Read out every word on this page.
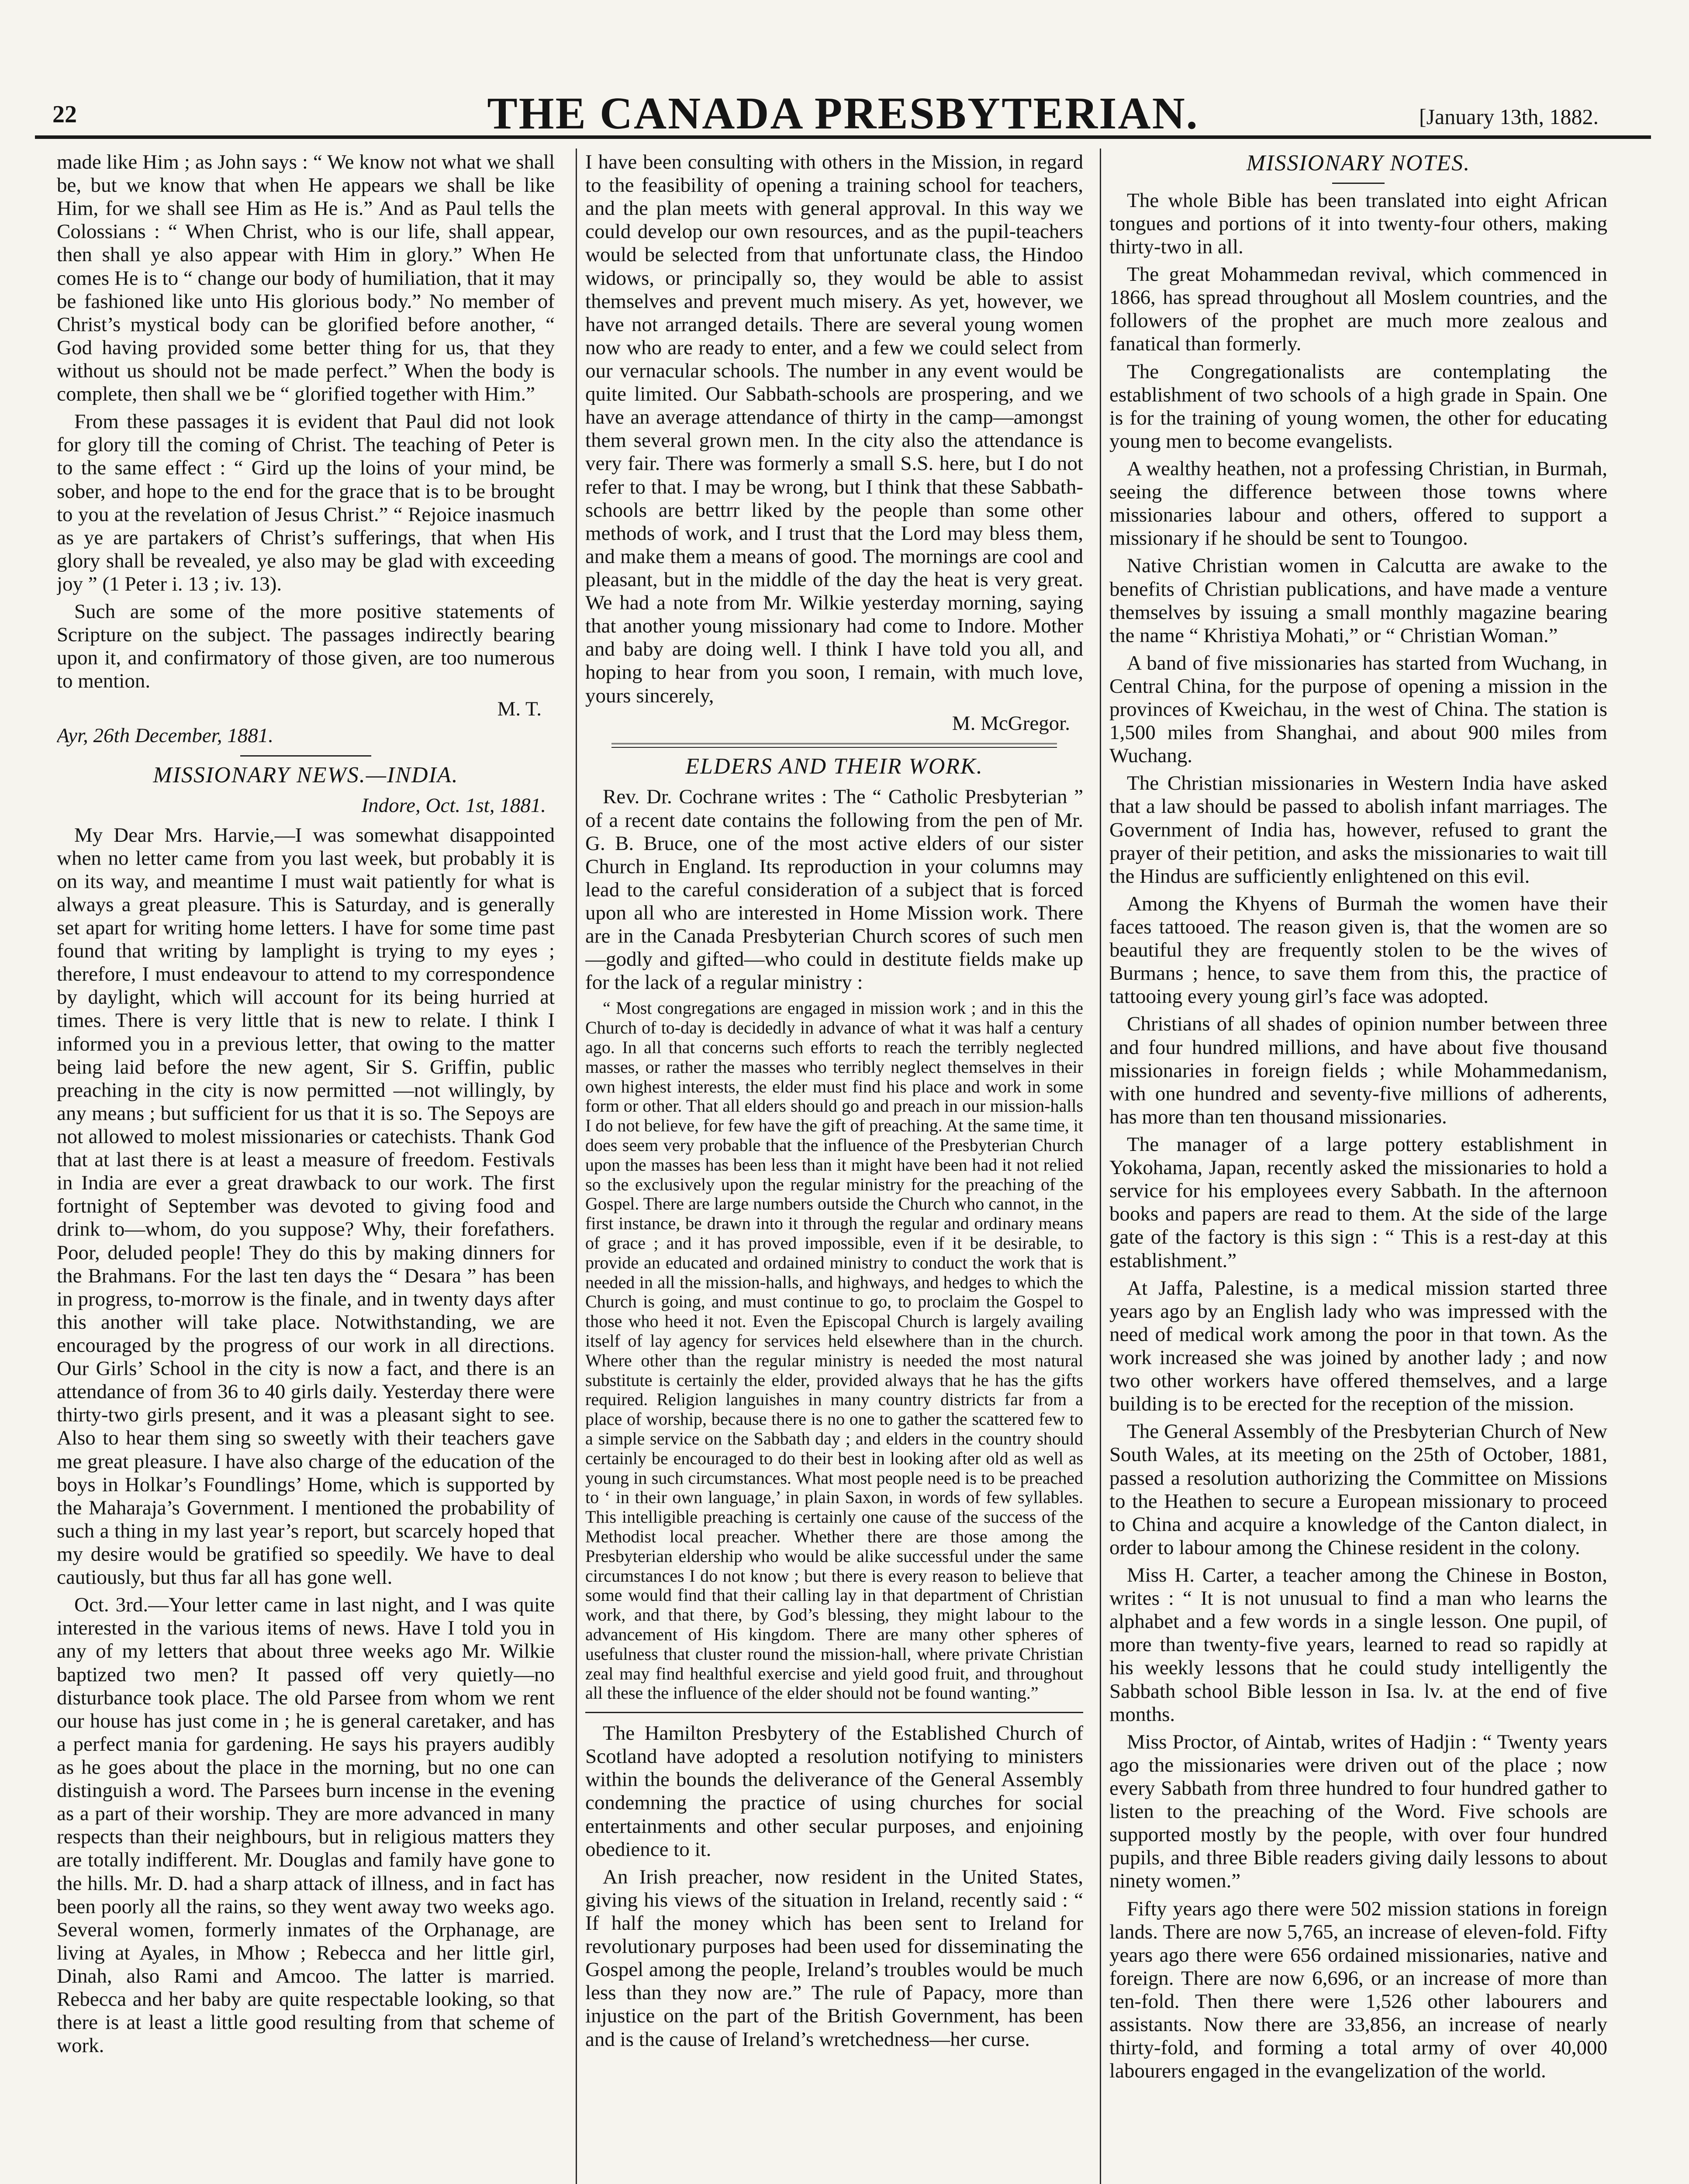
22	THE CANADA PRESBYTERIAN.	[January 13th, 1882.

made like Him ; as John says : “ We know not what we shall be, but we know that when He appears we shall be like Him, for we shall see Him as He is.” And as Paul tells the Colossians : “ When Christ, who is our life, shall appear, then shall ye also appear with Him in glory.” When He comes He is to “ change our body of humiliation, that it may be fashioned like unto His glorious body.” No member of Christ’s mystical body can be glorified before another, “ God having provided some better thing for us, that they without us should not be made perfect.” When the body is complete, then shall we be “ glorified together with Him.”

From these passages it is evident that Paul did not look for glory till the coming of Christ. The teaching of Peter is to the same effect : “ Gird up the loins of your mind, be sober, and hope to the end for the grace that is to be brought to you at the revelation of Jesus Christ.” “ Rejoice inasmuch as ye are partakers of Christ’s sufferings, that when His glory shall be revealed, ye also may be glad with exceeding joy ” (1 Peter i. 13 ; iv. 13).

Such are some of the more positive statements of Scripture on the subject. The passages indirectly bearing upon it, and confirmatory of those given, are too numerous to mention.

M. T.
Ayr, 26th December, 1881.
MISSIONARY NEWS.—INDIA.
Indore, Oct. 1st, 1881.

My Dear Mrs. Harvie,—I was somewhat disappointed when no letter came from you last week, but probably it is on its way, and meantime I must wait patiently for what is always a great pleasure. This is Saturday, and is generally set apart for writing home letters. I have for some time past found that writing by lamplight is trying to my eyes ; therefore, I must endeavour to attend to my correspondence by daylight, which will account for its being hurried at times. There is very little that is new to relate. I think I informed you in a previous letter, that owing to the matter being laid before the new agent, Sir S. Griffin, public preaching in the city is now permitted —not willingly, by any means ; but sufficient for us that it is so. The Sepoys are not allowed to molest missionaries or catechists. Thank God that at last there is at least a measure of freedom. Festivals in India are ever a great drawback to our work. The first fortnight of September was devoted to giving food and drink to—whom, do you suppose? Why, their forefathers. Poor, deluded people! They do this by making dinners for the Brahmans. For the last ten days the “ Desara ” has been in progress, to-morrow is the finale, and in twenty days after this another will take place. Notwithstanding, we are encouraged by the progress of our work in all directions. Our Girls’ School in the city is now a fact, and there is an attendance of from 36 to 40 girls daily. Yesterday there were thirty-two girls present, and it was a pleasant sight to see. Also to hear them sing so sweetly with their teachers gave me great pleasure. I have also charge of the education of the boys in Holkar’s Foundlings’ Home, which is supported by the Maharaja’s Government. I mentioned the probability of such a thing in my last year’s report, but scarcely hoped that my desire would be gratified so speedily. We have to deal cautiously, but thus far all has gone well.

Oct. 3rd.—Your letter came in last night, and I was quite interested in the various items of news. Have I told you in any of my letters that about three weeks ago Mr. Wilkie baptized two men? It passed off very quietly—no disturbance took place. The old Parsee from whom we rent our house has just come in ; he is general caretaker, and has a perfect mania for gardening. He says his prayers audibly as he goes about the place in the morning, but no one can distinguish a word. The Parsees burn incense in the evening as a part of their worship. They are more advanced in many respects than their neighbours, but in religious matters they are totally indifferent. Mr. Douglas and family have gone to the hills. Mr. D. had a sharp attack of illness, and in fact has been poorly all the rains, so they went away two weeks ago. Several women, formerly inmates of the Orphanage, are living at Ayales, in Mhow ; Rebecca and her little girl, Dinah, also Rami and Amcoo. The latter is married. Rebecca and her baby are quite respectable looking, so that there is at least a little good resulting from that scheme of work.

I have been consulting with others in the Mission, in regard to the feasibility of opening a training school for teachers, and the plan meets with general approval. In this way we could develop our own resources, and as the pupil-teachers would be selected from that unfortunate class, the Hindoo widows, or principally so, they would be able to assist themselves and prevent much misery. As yet, however, we have not arranged details. There are several young women now who are ready to enter, and a few we could select from our vernacular schools. The number in any event would be quite limited. Our Sabbath-schools are prospering, and we have an average attendance of thirty in the camp—amongst them several grown men. In the city also the attendance is very fair. There was formerly a small S.S. here, but I do not refer to that. I may be wrong, but I think that these Sabbath-schools are bettrr liked by the people than some other methods of work, and I trust that the Lord may bless them, and make them a means of good. The mornings are cool and pleasant, but in the middle of the day the heat is very great. We had a note from Mr. Wilkie yesterday morning, saying that another young missionary had come to Indore. Mother and baby are doing well. I think I have told you all, and hoping to hear from you soon, I remain, with much love, yours sincerely,

M. McGregor.
ELDERS AND THEIR WORK.

Rev. Dr. Cochrane writes : The “ Catholic Presbyterian ” of a recent date contains the following from the pen of Mr. G. B. Bruce, one of the most active elders of our sister Church in England. Its reproduction in your columns may lead to the careful consideration of a subject that is forced upon all who are interested in Home Mission work. There are in the Canada Presbyterian Church scores of such men—godly and gifted—who could in destitute fields make up for the lack of a regular ministry :

“ Most congregations are engaged in mission work ; and in this the Church of to-day is decidedly in advance of what it was half a century ago. In all that concerns such efforts to reach the terribly neglected masses, or rather the masses who terribly neglect themselves in their own highest interests, the elder must find his place and work in some form or other. That all elders should go and preach in our mission-halls I do not believe, for few have the gift of preaching. At the same time, it does seem very probable that the influence of the Presbyterian Church upon the masses has been less than it might have been had it not relied so the exclusively upon the regular ministry for the preaching of the Gospel. There are large numbers outside the Church who cannot, in the first instance, be drawn into it through the regular and ordinary means of grace ; and it has proved impossible, even if it be desirable, to provide an educated and ordained ministry to conduct the work that is needed in all the mission-halls, and highways, and hedges to which the Church is going, and must continue to go, to proclaim the Gospel to those who heed it not. Even the Episcopal Church is largely availing itself of lay agency for services held elsewhere than in the church. Where other than the regular ministry is needed the most natural substitute is certainly the elder, provided always that he has the gifts required. Religion languishes in many country districts far from a place of worship, because there is no one to gather the scattered few to a simple service on the Sabbath day ; and elders in the country should certainly be encouraged to do their best in looking after old as well as young in such circumstances. What most people need is to be preached to ‘ in their own language,’ in plain Saxon, in words of few syllables. This intelligible preaching is certainly one cause of the success of the Methodist local preacher. Whether there are those among the Presbyterian eldership who would be alike successful under the same circumstances I do not know ; but there is every reason to believe that some would find that their calling lay in that department of Christian work, and that there, by God’s blessing, they might labour to the advancement of His kingdom. There are many other spheres of usefulness that cluster round the mission-hall, where private Christian zeal may find healthful exercise and yield good fruit, and throughout all these the influence of the elder should not be found wanting.”

The Hamilton Presbytery of the Established Church of Scotland have adopted a resolution notifying to ministers within the bounds the deliverance of the General Assembly condemning the practice of using churches for social entertainments and other secular purposes, and enjoining obedience to it.

An Irish preacher, now resident in the United States, giving his views of the situation in Ireland, recently said : “ If half the money which has been sent to Ireland for revolutionary purposes had been used for disseminating the Gospel among the people, Ireland’s troubles would be much less than they now are.” The rule of Papacy, more than injustice on the part of the British Government, has been and is the cause of Ireland’s wretchedness—her curse.

MISSIONARY NOTES.

The whole Bible has been translated into eight African tongues and portions of it into twenty-four others, making thirty-two in all.

The great Mohammedan revival, which commenced in 1866, has spread throughout all Moslem countries, and the followers of the prophet are much more zealous and fanatical than formerly.

The Congregationalists are contemplating the establishment of two schools of a high grade in Spain. One is for the training of young women, the other for educating young men to become evangelists.

A wealthy heathen, not a professing Christian, in Burmah, seeing the difference between those towns where missionaries labour and others, offered to support a missionary if he should be sent to Toungoo.

Native Christian women in Calcutta are awake to the benefits of Christian publications, and have made a venture themselves by issuing a small monthly magazine bearing the name “ Khristiya Mohati,” or “ Christian Woman.”

A band of five missionaries has started from Wuchang, in Central China, for the purpose of opening a mission in the provinces of Kweichau, in the west of China. The station is 1,500 miles from Shanghai, and about 900 miles from Wuchang.

The Christian missionaries in Western India have asked that a law should be passed to abolish infant marriages. The Government of India has, however, refused to grant the prayer of their petition, and asks the missionaries to wait till the Hindus are sufficiently enlightened on this evil.

Among the Khyens of Burmah the women have their faces tattooed. The reason given is, that the women are so beautiful they are frequently stolen to be the wives of Burmans ; hence, to save them from this, the practice of tattooing every young girl’s face was adopted.

Christians of all shades of opinion number between three and four hundred millions, and have about five thousand missionaries in foreign fields ; while Mohammedanism, with one hundred and seventy-five millions of adherents, has more than ten thousand missionaries.

The manager of a large pottery establishment in Yokohama, Japan, recently asked the missionaries to hold a service for his employees every Sabbath. In the afternoon books and papers are read to them. At the side of the large gate of the factory is this sign : “ This is a rest-day at this establishment.”

At Jaffa, Palestine, is a medical mission started three years ago by an English lady who was impressed with the need of medical work among the poor in that town. As the work increased she was joined by another lady ; and now two other workers have offered themselves, and a large building is to be erected for the reception of the mission.

The General Assembly of the Presbyterian Church of New South Wales, at its meeting on the 25th of October, 1881, passed a resolution authorizing the Committee on Missions to the Heathen to secure a European missionary to proceed to China and acquire a knowledge of the Canton dialect, in order to labour among the Chinese resident in the colony.

Miss H. Carter, a teacher among the Chinese in Boston, writes : “ It is not unusual to find a man who learns the alphabet and a few words in a single lesson. One pupil, of more than twenty-five years, learned to read so rapidly at his weekly lessons that he could study intelligently the Sabbath school Bible lesson in Isa. lv. at the end of five months.

Miss Proctor, of Aintab, writes of Hadjin : “ Twenty years ago the missionaries were driven out of the place ; now every Sabbath from three hundred to four hundred gather to listen to the preaching of the Word. Five schools are supported mostly by the people, with over four hundred pupils, and three Bible readers giving daily lessons to about ninety women.”

Fifty years ago there were 502 mission stations in foreign lands. There are now 5,765, an increase of eleven-fold. Fifty years ago there were 656 ordained missionaries, native and foreign. There are now 6,696, or an increase of more than ten-fold. Then there were 1,526 other labourers and assistants. Now there are 33,856, an increase of nearly thirty-fold, and forming a total army of over 40,000 labourers engaged in the evangelization of the world.
